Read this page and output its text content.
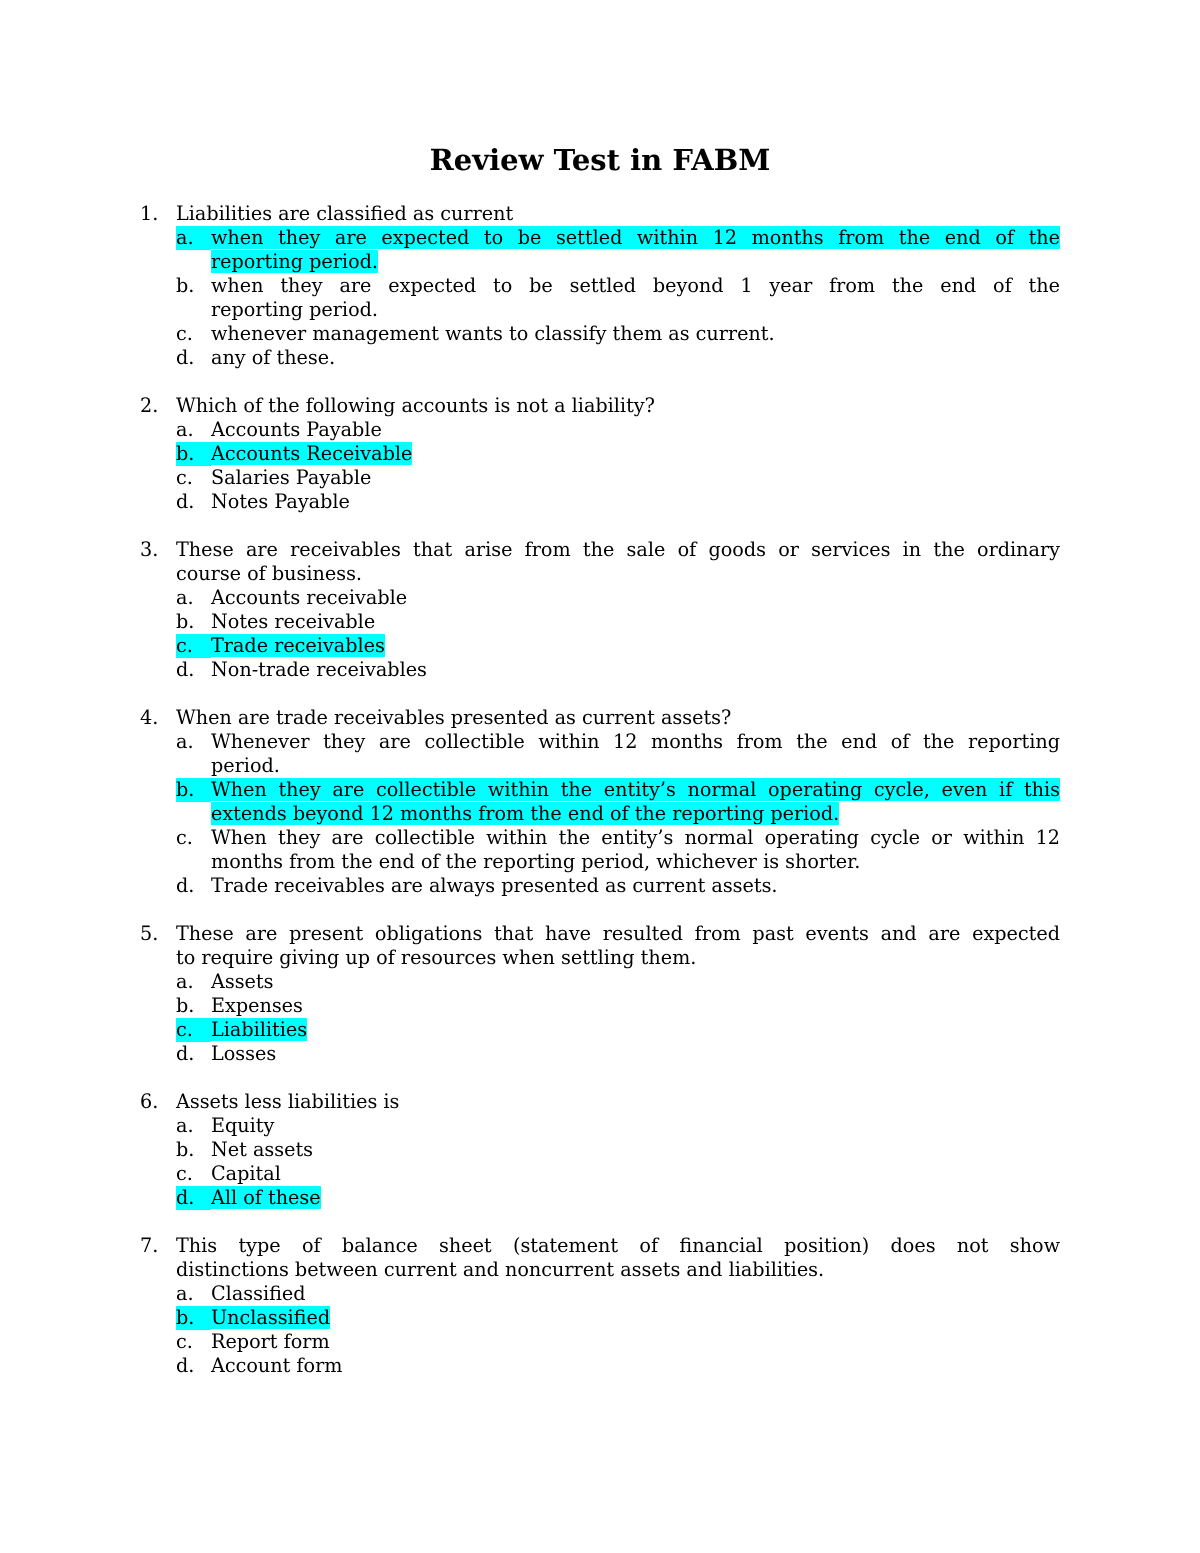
Review Test in FABM
1. Liabilities are classified as current
a. when they are expected to be settled within 12 months from the end of the
reporting period.
b. when they are expected to be settled beyond 1 year from the end of the
reporting period.
c. whenever management wants to classify them as current.
d. any of these.
2. Which of the following accounts is not a liability?
a. Accounts Payable
b. Accounts Receivable
c. Salaries Payable
d. Notes Payable
3. These are receivables that arise from the sale of goods or services in the ordinary
course of business.
a. Accounts receivable
b. Notes receivable
c. Trade receivables
d. Non-trade receivables
4. When are trade receivables presented as current assets?
a. Whenever they are collectible within 12 months from the end of the reporting
period.
b. When they are collectible within the entity’s normal operating cycle, even if this
extends beyond 12 months from the end of the reporting period.
c. When they are collectible within the entity’s normal operating cycle or within 12
months from the end of the reporting period, whichever is shorter.
d. Trade receivables are always presented as current assets.
5. These are present obligations that have resulted from past events and are expected
to require giving up of resources when settling them.
a. Assets
b. Expenses
c. Liabilities
d. Losses
6. Assets less liabilities is
a. Equity
b. Net assets
c. Capital
d. All of these
7. This type of balance sheet (statement of financial position) does not show
distinctions between current and noncurrent assets and liabilities.
a. Classified
b. Unclassified
c. Report form
d. Account form
